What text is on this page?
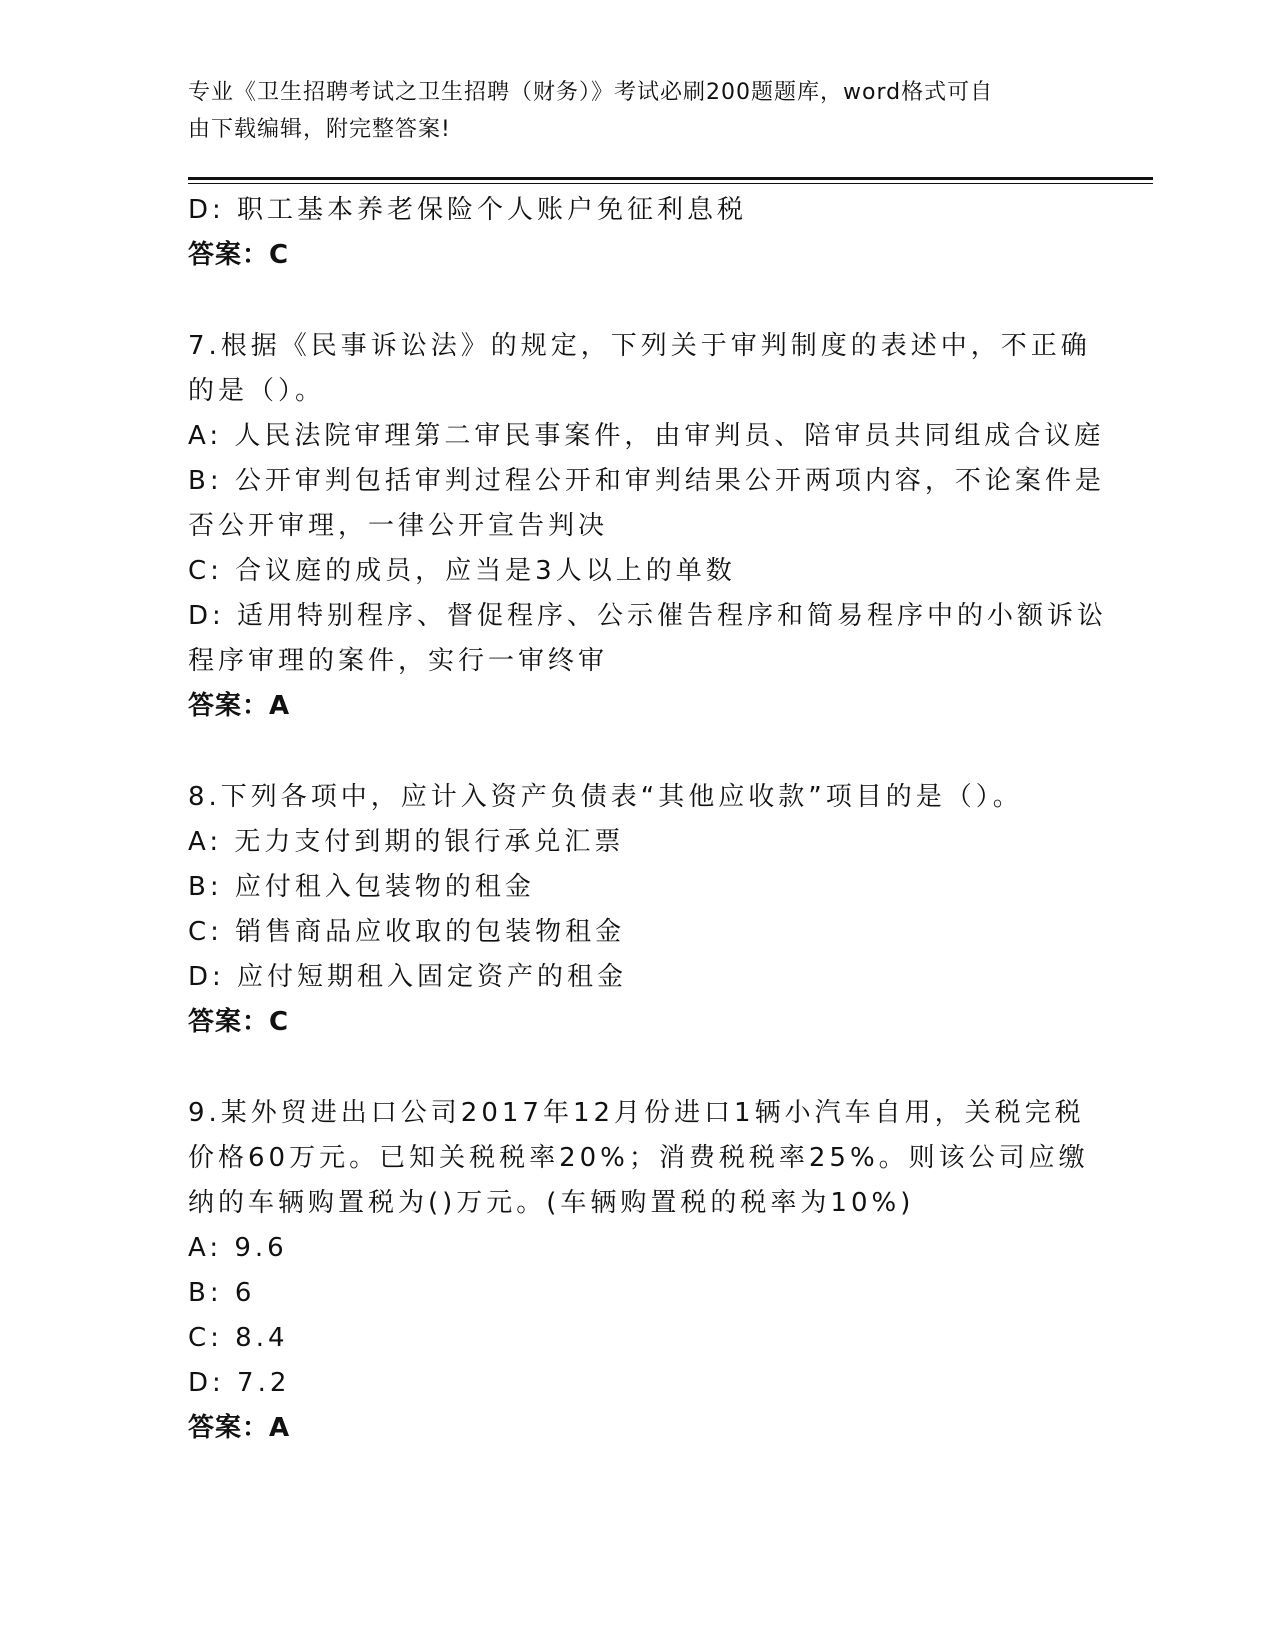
专业《卫生招聘考试之卫生招聘（财务）》考试必刷200题题库，word格式可自
由下载编辑，附完整答案!
D: 职工基本养老保险个人账户免征利息税
答案：C
7.根据《民事诉讼法》的规定，下列关于审判制度的表述中，不正确
的是（）。
A: 人民法院审理第二审民事案件，由审判员、陪审员共同组成合议庭
B: 公开审判包括审判过程公开和审判结果公开两项内容，不论案件是
否公开审理，一律公开宣告判决
C: 合议庭的成员，应当是3人以上的单数
D: 适用特别程序、督促程序、公示催告程序和简易程序中的小额诉讼
程序审理的案件，实行一审终审
答案：A
8.下列各项中，应计入资产负债表“其他应收款”项目的是（）。
A: 无力支付到期的银行承兑汇票
B: 应付租入包装物的租金
C: 销售商品应收取的包装物租金
D: 应付短期租入固定资产的租金
答案：C
9.某外贸进出口公司2017年12月份进口1辆小汽车自用，关税完税
价格60万元。已知关税税率20%；消费税税率25%。则该公司应缴
纳的车辆购置税为()万元。(车辆购置税的税率为10%)
A: 9.6
B: 6
C: 8.4
D: 7.2
答案：A
